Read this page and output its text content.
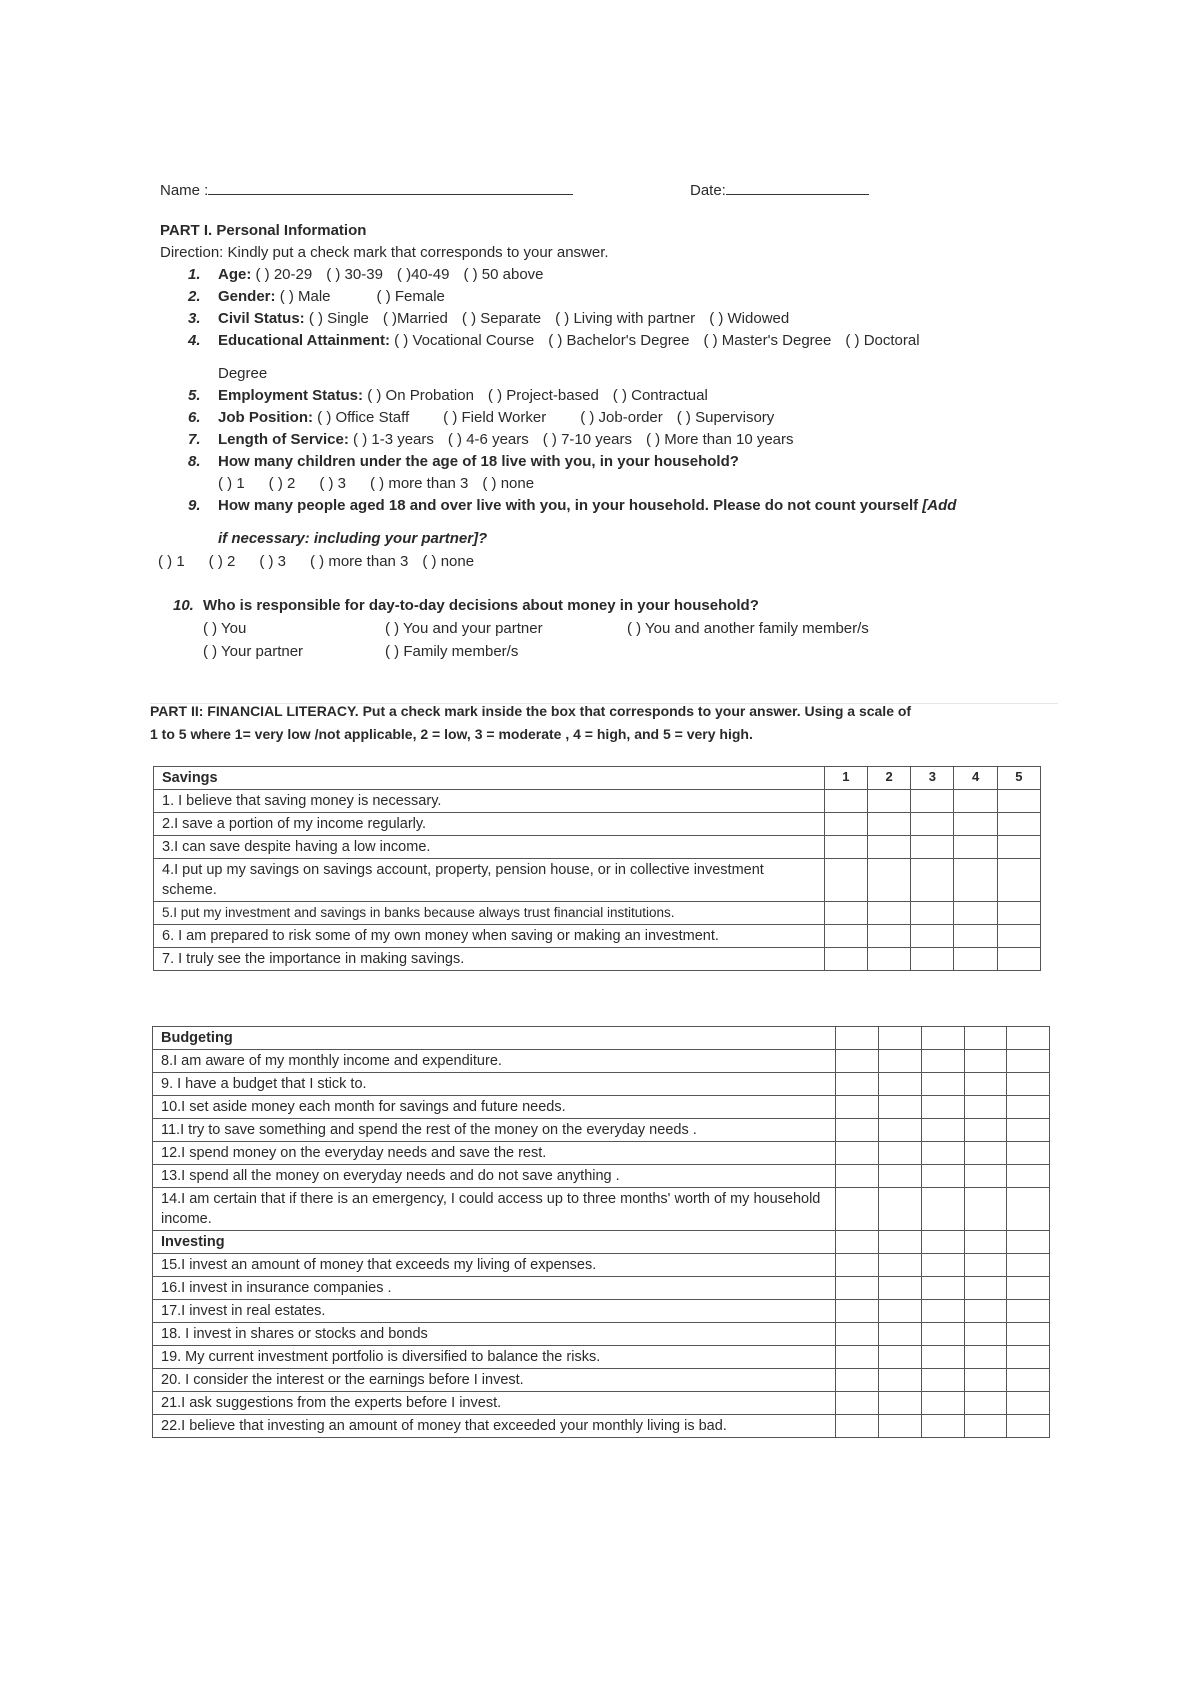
Name :	Date:
PART I. Personal Information
Direction: Kindly put a check mark that corresponds to your answer.
1. Age: ( ) 20-29 ( ) 30-39 ( )40-49 ( ) 50 above
2. Gender: ( ) Male	( ) Female
3. Civil Status: ( ) Single ( )Married ( ) Separate ( ) Living with partner ( ) Widowed
4. Educational Attainment: ( ) Vocational Course ( ) Bachelor's Degree ( ) Master's Degree ( ) Doctoral
Degree
5. Employment Status: ( ) On Probation ( ) Project-based ( ) Contractual
6. Job Position: ( ) Office Staff ( ) Field Worker ( ) Job-order ( ) Supervisory
7. Length of Service: ( ) 1-3 years ( ) 4-6 years ( ) 7-10 years ( ) More than 10 years
8. How many children under the age of 18 live with you, in your household?
( ) 1 ( ) 2 ( ) 3 ( ) more than 3 ( ) none
9. How many people aged 18 and over live with you, in your household. Please do not count yourself [Add
if necessary: including your partner]?
( ) 1 ( ) 2 ( ) 3 ( ) more than 3 ( ) none
10. Who is responsible for day-to-day decisions about money in your household?
( ) You	( ) You and your partner	( ) You and another family member/s
( ) Your partner	( ) Family member/s
PART II: FINANCIAL LITERACY. Put a check mark inside the box that corresponds to your answer. Using a scale of
1 to 5 where 1= very low /not applicable, 2 = low, 3 = moderate , 4 = high, and 5 = very high.
Savings	1	2	3	4	5
1. I believe that saving money is necessary.					
2.I save a portion of my income regularly.					
3.I can save despite having a low income.					
4.I put up my savings on savings account, property, pension house, or in collective investment scheme.					
5.I put my investment and savings in banks because always trust financial institutions.					
6. I am prepared to risk some of my own money when saving or making an investment.					
7. I truly see the importance in making savings.					
Budgeting					
8.I am aware of my monthly income and expenditure.					
9. I have a budget that I stick to.					
10.I set aside money each month for savings and future needs.					
11.I try to save something and spend the rest of the money on the everyday needs .					
12.I spend money on the everyday needs and save the rest.					
13.I spend all the money on everyday needs and do not save anything .					
14.I am certain that if there is an emergency, I could access up to three months' worth of my household income.					
Investing					
15.I invest an amount of money that exceeds my living of expenses.					
16.I invest in insurance companies .					
17.I invest in real estates.					
18. I invest in shares or stocks and bonds					
19. My current investment portfolio is diversified to balance the risks.					
20. I consider the interest or the earnings before I invest.					
21.I ask suggestions from the experts before I invest.					
22.I believe that investing an amount of money that exceeded your monthly living is bad.					
